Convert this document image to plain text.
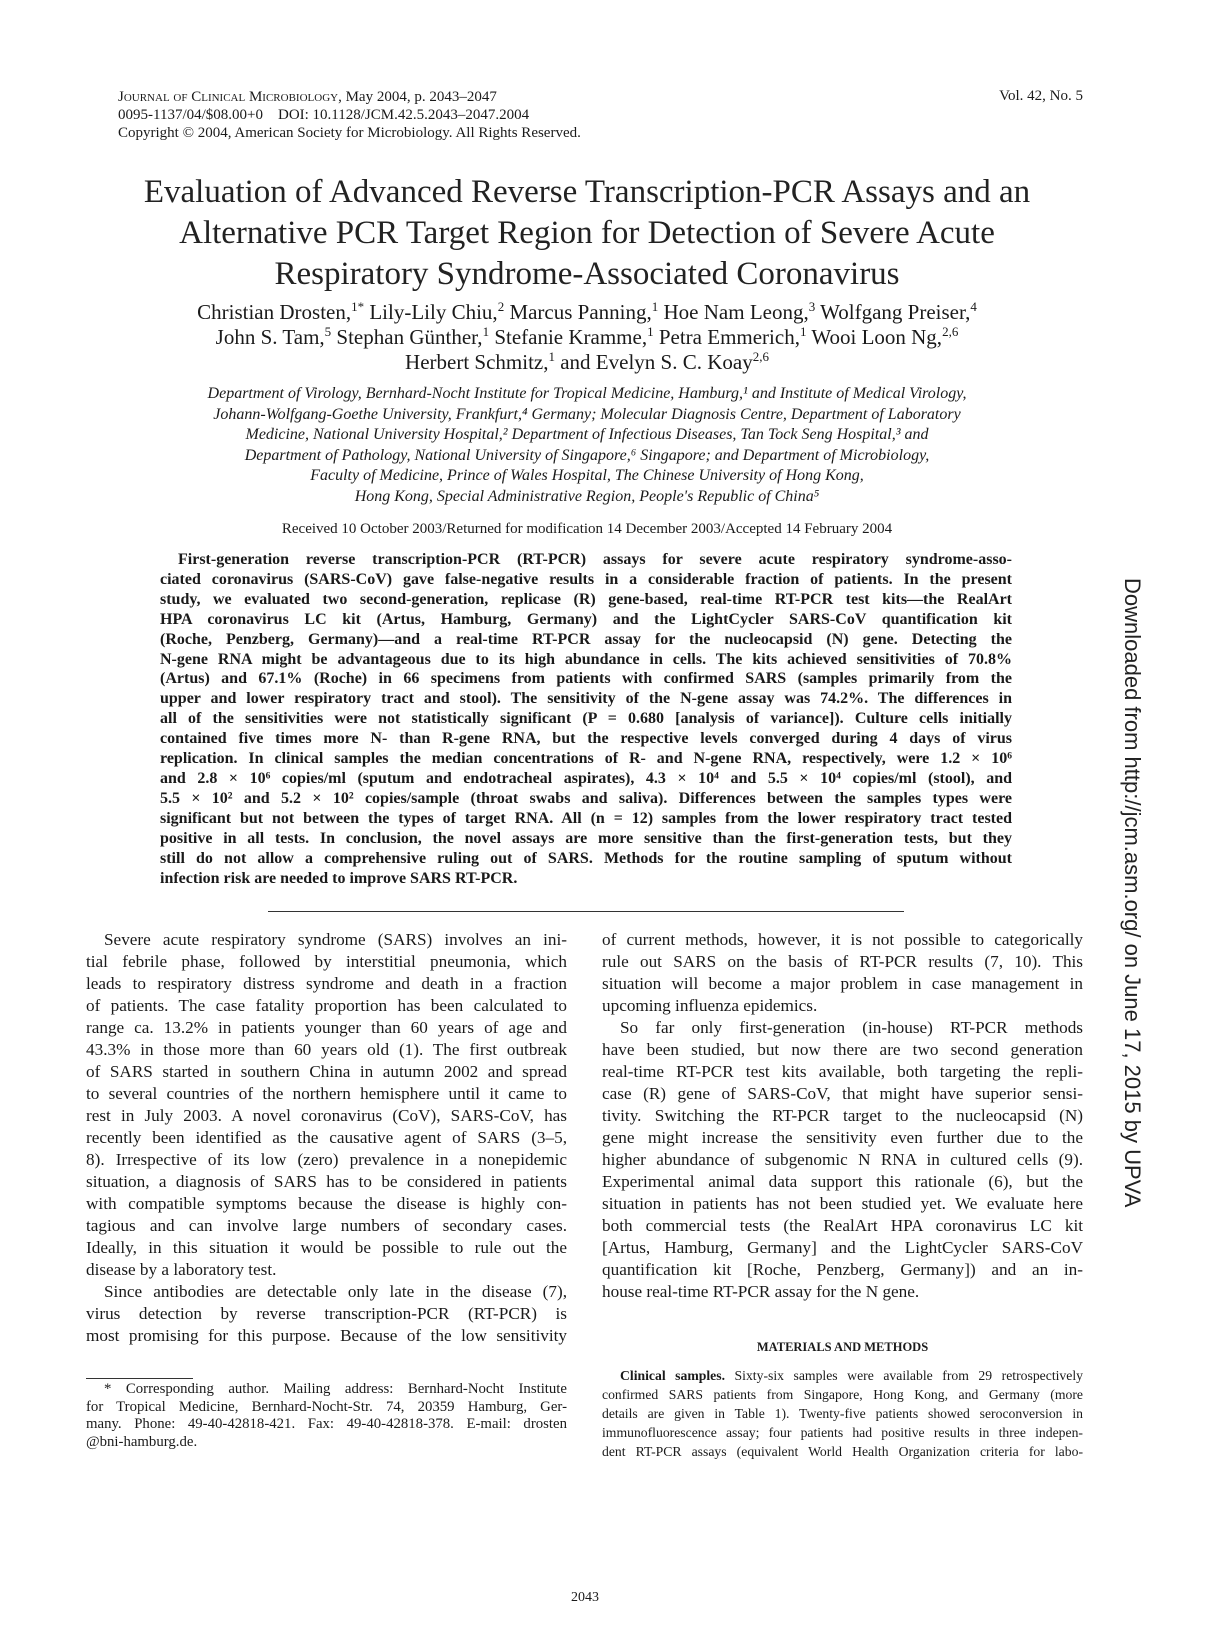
Journal of Clinical Microbiology, May 2004, p. 2043–2047
0095-1137/04/$08.00+0    DOI: 10.1128/JCM.42.5.2043–2047.2004
Copyright © 2004, American Society for Microbiology. All Rights Reserved.
Vol. 42, No. 5
Evaluation of Advanced Reverse Transcription-PCR Assays and an
Alternative PCR Target Region for Detection of Severe Acute
Respiratory Syndrome-Associated Coronavirus
Christian Drosten,$^{1*}$ Lily-Lily Chiu,$^2$ Marcus Panning,$^1$ Hoe Nam Leong,$^3$ Wolfgang Preiser,$^4$
John S. Tam,$^5$ Stephan Günther,$^1$ Stefanie Kramme,$^1$ Petra Emmerich,$^1$ Wooi Loon Ng,$^{2,6}$
Herbert Schmitz,$^1$ and Evelyn S. C. Koay$^{2,6}$
Department of Virology, Bernhard-Nocht Institute for Tropical Medicine, Hamburg,¹ and Institute of Medical Virology,
Johann-Wolfgang-Goethe University, Frankfurt,⁴ Germany; Molecular Diagnosis Centre, Department of Laboratory
Medicine, National University Hospital,² Department of Infectious Diseases, Tan Tock Seng Hospital,³ and
Department of Pathology, National University of Singapore,⁶ Singapore; and Department of Microbiology,
Faculty of Medicine, Prince of Wales Hospital, The Chinese University of Hong Kong,
Hong Kong, Special Administrative Region, People's Republic of China⁵
Received 10 October 2003/Returned for modification 14 December 2003/Accepted 14 February 2004
First-generation reverse transcription-PCR (RT-PCR) assays for severe acute respiratory syndrome-asso-
ciated coronavirus (SARS-CoV) gave false-negative results in a considerable fraction of patients. In the present
study, we evaluated two second-generation, replicase (R) gene-based, real-time RT-PCR test kits—the RealArt
HPA coronavirus LC kit (Artus, Hamburg, Germany) and the LightCycler SARS-CoV quantification kit
(Roche, Penzberg, Germany)—and a real-time RT-PCR assay for the nucleocapsid (N) gene. Detecting the
N-gene RNA might be advantageous due to its high abundance in cells. The kits achieved sensitivities of 70.8%
(Artus) and 67.1% (Roche) in 66 specimens from patients with confirmed SARS (samples primarily from the
upper and lower respiratory tract and stool). The sensitivity of the N-gene assay was 74.2%. The differences in
all of the sensitivities were not statistically significant (P = 0.680 [analysis of variance]). Culture cells initially
contained five times more N- than R-gene RNA, but the respective levels converged during 4 days of virus
replication. In clinical samples the median concentrations of R- and N-gene RNA, respectively, were 1.2 × 10⁶
and 2.8 × 10⁶ copies/ml (sputum and endotracheal aspirates), 4.3 × 10⁴ and 5.5 × 10⁴ copies/ml (stool), and
5.5 × 10² and 5.2 × 10² copies/sample (throat swabs and saliva). Differences between the samples types were
significant but not between the types of target RNA. All (n = 12) samples from the lower respiratory tract tested
positive in all tests. In conclusion, the novel assays are more sensitive than the first-generation tests, but they
still do not allow a comprehensive ruling out of SARS. Methods for the routine sampling of sputum without
infection risk are needed to improve SARS RT-PCR.
Severe acute respiratory syndrome (SARS) involves an ini-
tial febrile phase, followed by interstitial pneumonia, which
leads to respiratory distress syndrome and death in a fraction
of patients. The case fatality proportion has been calculated to
range ca. 13.2% in patients younger than 60 years of age and
43.3% in those more than 60 years old (1). The first outbreak
of SARS started in southern China in autumn 2002 and spread
to several countries of the northern hemisphere until it came to
rest in July 2003. A novel coronavirus (CoV), SARS-CoV, has
recently been identified as the causative agent of SARS (3–5,
8). Irrespective of its low (zero) prevalence in a nonepidemic
situation, a diagnosis of SARS has to be considered in patients
with compatible symptoms because the disease is highly con-
tagious and can involve large numbers of secondary cases.
Ideally, in this situation it would be possible to rule out the
disease by a laboratory test.
Since antibodies are detectable only late in the disease (7),
virus detection by reverse transcription-PCR (RT-PCR) is
most promising for this purpose. Because of the low sensitivity
of current methods, however, it is not possible to categorically
rule out SARS on the basis of RT-PCR results (7, 10). This
situation will become a major problem in case management in
upcoming influenza epidemics.
So far only first-generation (in-house) RT-PCR methods
have been studied, but now there are two second generation
real-time RT-PCR test kits available, both targeting the repli-
case (R) gene of SARS-CoV, that might have superior sensi-
tivity. Switching the RT-PCR target to the nucleocapsid (N)
gene might increase the sensitivity even further due to the
higher abundance of subgenomic N RNA in cultured cells (9).
Experimental animal data support this rationale (6), but the
situation in patients has not been studied yet. We evaluate here
both commercial tests (the RealArt HPA coronavirus LC kit
[Artus, Hamburg, Germany] and the LightCycler SARS-CoV
quantification kit [Roche, Penzberg, Germany]) and an in-
house real-time RT-PCR assay for the N gene.
MATERIALS AND METHODS
Clinical samples. Sixty-six samples were available from 29 retrospectively
confirmed SARS patients from Singapore, Hong Kong, and Germany (more
details are given in Table 1). Twenty-five patients showed seroconversion in
immunofluorescence assay; four patients had positive results in three indepen-
dent RT-PCR assays (equivalent World Health Organization criteria for labo-
* Corresponding author. Mailing address: Bernhard-Nocht Institute
for Tropical Medicine, Bernhard-Nocht-Str. 74, 20359 Hamburg, Ger-
many. Phone: 49-40-42818-421. Fax: 49-40-42818-378. E-mail: drosten
@bni-hamburg.de.
2043
Downloaded from http://jcm.asm.org/ on June 17, 2015 by UPVA
